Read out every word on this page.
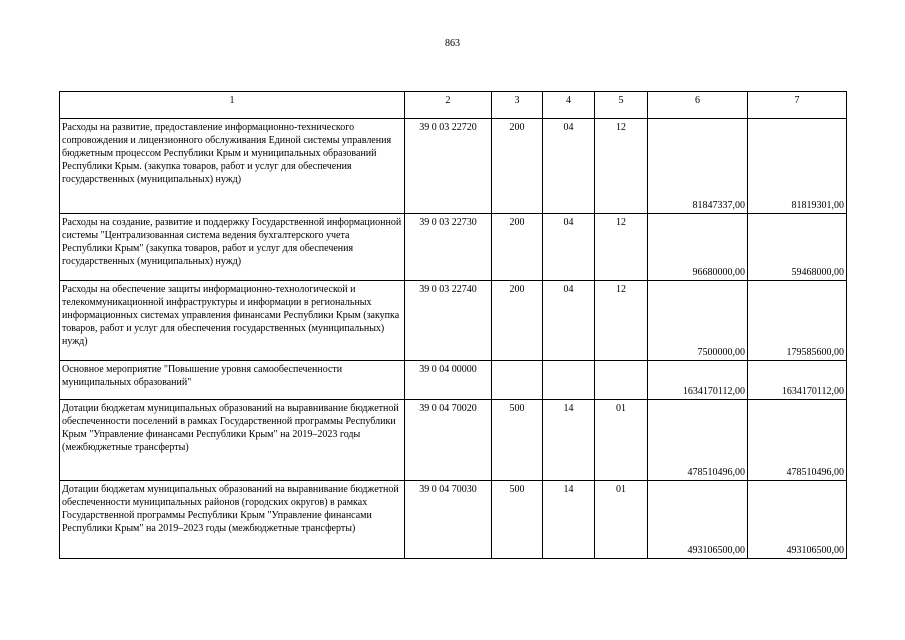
863
1	2	3	4	5	6	7
Расходы на развитие, предоставление информационно-технического сопровождения и лицензионного обслуживания Единой системы управления бюджетным процессом Республики Крым и муниципальных образований Республики Крым. (закупка товаров, работ и услуг для обеспечения государственных (муниципальных) нужд)	39 0 03 22720	200	04	12	81847337,00	81819301,00
Расходы на создание, развитие и поддержку Государственной информационной системы "Централизованная система ведения бухгалтерского учета Республики Крым" (закупка товаров, работ и услуг для обеспечения государственных (муниципальных) нужд)	39 0 03 22730	200	04	12	96680000,00	59468000,00
Расходы на обеспечение защиты информационно-технологической и телекоммуникационной инфраструктуры и информации в региональных информационных системах управления финансами Республики Крым (закупка товаров, работ и услуг для обеспечения государственных (муниципальных) нужд)	39 0 03 22740	200	04	12	7500000,00	179585600,00
Основное мероприятие "Повышение уровня самообеспеченности муниципальных образований"	39 0 04 00000				1634170112,00	1634170112,00
Дотации бюджетам муниципальных образований на выравнивание бюджетной обеспеченности поселений в рамках Государственной программы Республики Крым "Управление финансами Республики Крым" на 2019–2023 годы (межбюджетные трансферты)	39 0 04 70020	500	14	01	478510496,00	478510496,00
Дотации бюджетам муниципальных образований на выравнивание бюджетной обеспеченности муниципальных районов (городских округов) в рамках Государственной программы Республики Крым "Управление финансами Республики Крым" на 2019–2023 годы (межбюджетные трансферты)	39 0 04 70030	500	14	01	493106500,00	493106500,00
